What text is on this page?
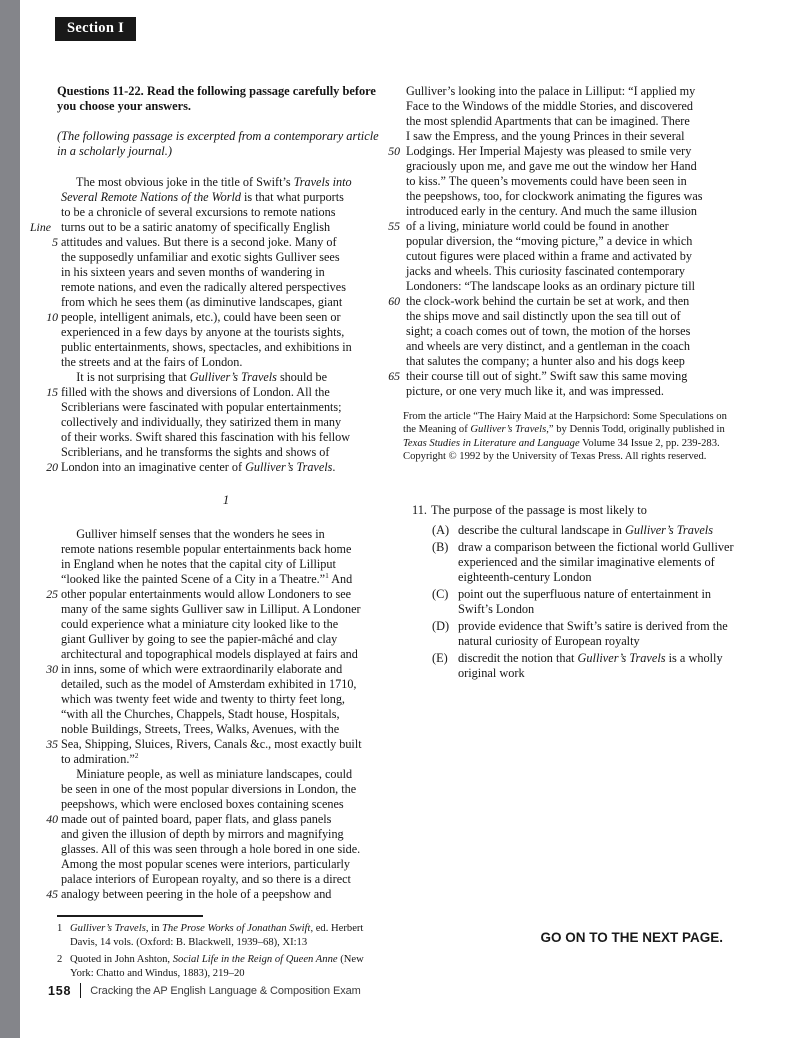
Section I
Questions 11-22. Read the following passage carefully before you choose your answers.
(The following passage is excerpted from a contemporary article in a scholarly journal.)
The most obvious joke in the title of Swift’s Travels into
Several Remote Nations of the World is that what purports
to be a chronicle of several excursions to remote nations
Line turns out to be a satiric anatomy of specifically English
5 attitudes and values. But there is a second joke. Many of
the supposedly unfamiliar and exotic sights Gulliver sees
in his sixteen years and seven months of wandering in
remote nations, and even the radically altered perspectives
from which he sees them (as diminutive landscapes, giant
10 people, intelligent animals, etc.), could have been seen or
experienced in a few days by anyone at the tourists sights,
public entertainments, shows, spectacles, and exhibitions in
the streets and at the fairs of London.
It is not surprising that Gulliver’s Travels should be
15 filled with the shows and diversions of London. All the
Scriblerians were fascinated with popular entertainments;
collectively and individually, they satirized them in many
of their works. Swift shared this fascination with his fellow
Scriblerians, and he transforms the sights and shows of
20 London into an imaginative center of Gulliver’s Travels.
1
Gulliver himself senses that the wonders he sees in
remote nations resemble popular entertainments back home
in England when he notes that the capital city of Lilliput
“looked like the painted Scene of a City in a Theatre.”$^1$ And
25 other popular entertainments would allow Londoners to see
many of the same sights Gulliver saw in Lilliput. A Londoner
could experience what a miniature city looked like to the
giant Gulliver by going to see the papier-mâché and clay
architectural and topographical models displayed at fairs and
30 in inns, some of which were extraordinarily elaborate and
detailed, such as the model of Amsterdam exhibited in 1710,
which was twenty feet wide and twenty to thirty feet long,
“with all the Churches, Chappels, Stadt house, Hospitals,
noble Buildings, Streets, Trees, Walks, Avenues, with the
35 Sea, Shipping, Sluices, Rivers, Canals &c., most exactly built
to admiration.”$^2$
Miniature people, as well as miniature landscapes, could
be seen in one of the most popular diversions in London, the
peepshows, which were enclosed boxes containing scenes
40 made out of painted board, paper flats, and glass panels
and given the illusion of depth by mirrors and magnifying
glasses. All of this was seen through a hole bored in one side.
Among the most popular scenes were interiors, particularly
palace interiors of European royalty, and so there is a direct
45 analogy between peering in the hole of a peepshow and
1 Gulliver’s Travels, in The Prose Works of Jonathan Swift, ed. Herbert Davis, 14 vols. (Oxford: B. Blackwell, 1939–68), XI:13
2 Quoted in John Ashton, Social Life in the Reign of Queen Anne (New York: Chatto and Windus, 1883), 219–20
158 Cracking the AP English Language & Composition Exam
Gulliver’s looking into the palace in Lilliput: “I applied my
Face to the Windows of the middle Stories, and discovered
the most splendid Apartments that can be imagined. There
I saw the Empress, and the young Princes in their several
50 Lodgings. Her Imperial Majesty was pleased to smile very
graciously upon me, and gave me out the window her Hand
to kiss.” The queen’s movements could have been seen in
the peepshows, too, for clockwork animating the figures was
introduced early in the century. And much the same illusion
55 of a living, miniature world could be found in another
popular diversion, the “moving picture,” a device in which
cutout figures were placed within a frame and activated by
jacks and wheels. This curiosity fascinated contemporary
Londoners: “The landscape looks as an ordinary picture till
60 the clock-work behind the curtain be set at work, and then
the ships move and sail distinctly upon the sea till out of
sight; a coach comes out of town, the motion of the horses
and wheels are very distinct, and a gentleman in the coach
that salutes the company; a hunter also and his dogs keep
65 their course till out of sight.” Swift saw this same moving
picture, or one very much like it, and was impressed.
From the article “The Hairy Maid at the Harpsichord: Some Speculations on the Meaning of Gulliver’s Travels,” by Dennis Todd, originally published in Texas Studies in Literature and Language Volume 34 Issue 2, pp. 239-283. Copyright © 1992 by the University of Texas Press. All rights reserved.
11. The purpose of the passage is most likely to
(A) describe the cultural landscape in Gulliver’s Travels
(B) draw a comparison between the fictional world Gulliver experienced and the similar imaginative elements of eighteenth-century London
(C) point out the superfluous nature of entertainment in Swift’s London
(D) provide evidence that Swift’s satire is derived from the natural curiosity of European royalty
(E) discredit the notion that Gulliver’s Travels is a wholly original work
GO ON TO THE NEXT PAGE.
